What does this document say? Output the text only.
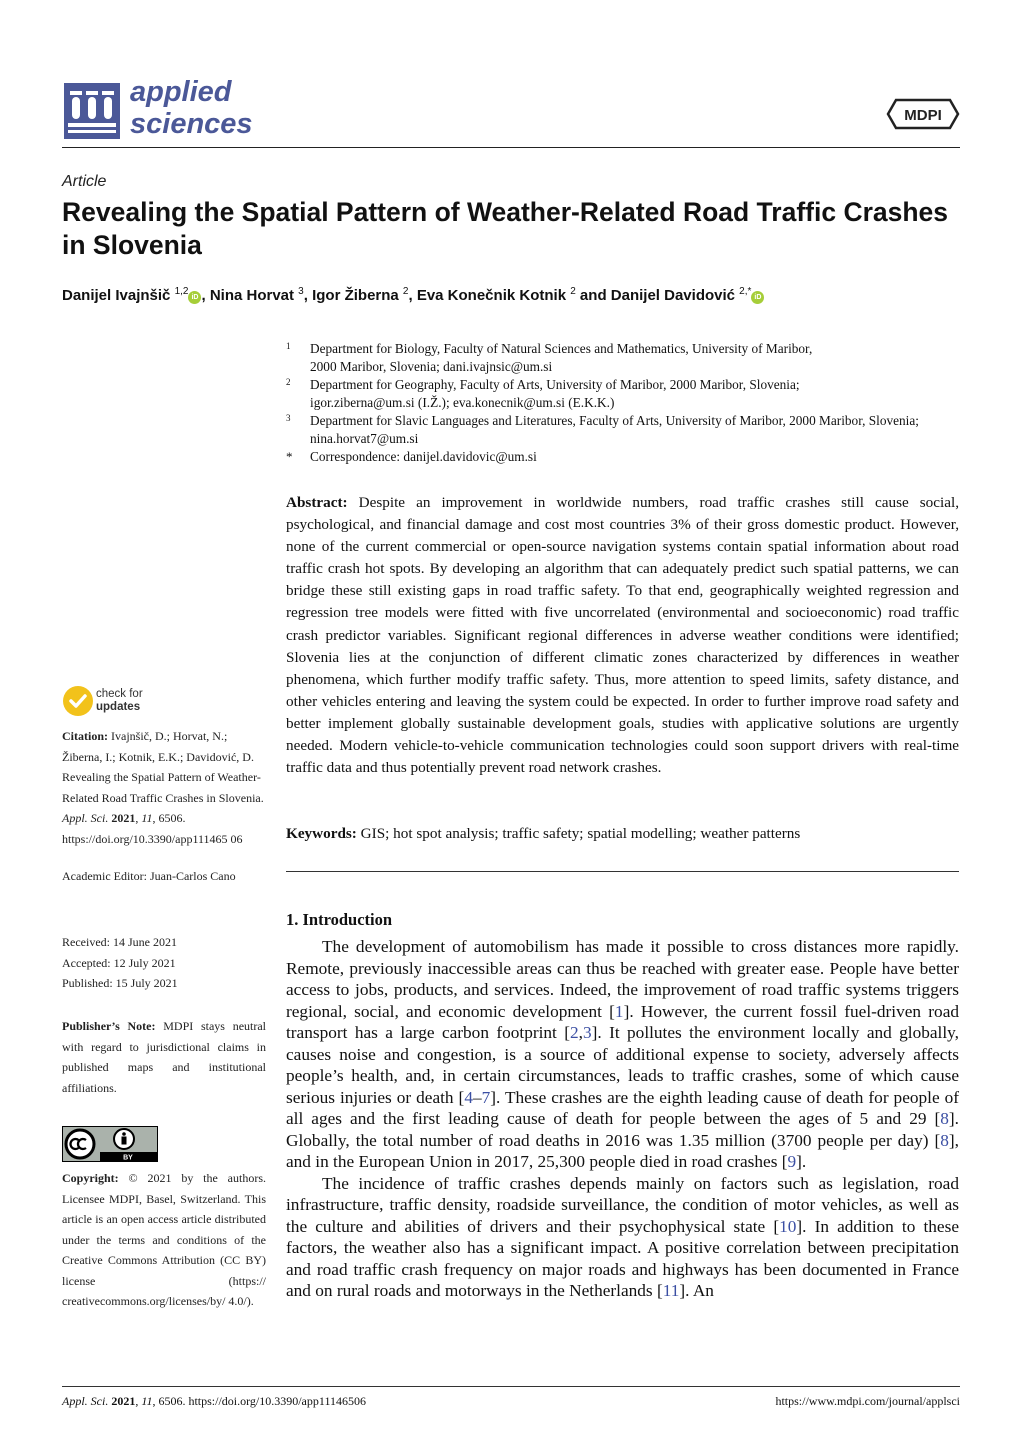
applied
sciences	MDPI
Article
Revealing the Spatial Pattern of Weather-Related Road Traffic Crashes in Slovenia
Danijel Ivajnšič $^{1,2}$iD , Nina Horvat $^3$, Igor Žiberna $^2$, Eva Konečnik Kotnik $^2$ and Danijel Davidović $^{2,*}$iD
1	Department for Biology, Faculty of Natural Sciences and Mathematics, University of Maribor,
2000 Maribor, Slovenia; dani.ivajnsic@um.si
2	Department for Geography, Faculty of Arts, University of Maribor, 2000 Maribor, Slovenia;
igor.ziberna@um.si (I.Ž.); eva.konecnik@um.si (E.K.K.)
3	Department for Slavic Languages and Literatures, Faculty of Arts, University of Maribor, 2000 Maribor, Slovenia;
nina.horvat7@um.si
*	Correspondence: danijel.davidovic@um.si
Abstract: Despite an improvement in worldwide numbers, road traffic crashes still cause social, psychological, and financial damage and cost most countries 3% of their gross domestic product. However, none of the current commercial or open-source navigation systems contain spatial information about road traffic crash hot spots. By developing an algorithm that can adequately predict such spatial patterns, we can bridge these still existing gaps in road traffic safety. To that end, geographically weighted regression and regression tree models were fitted with five uncorrelated (environmental and socioeconomic) road traffic crash predictor variables. Significant regional differences in adverse weather conditions were identified; Slovenia lies at the conjunction of different climatic zones characterized by differences in weather phenomena, which further modify traffic safety. Thus, more attention to speed limits, safety distance, and other vehicles entering and leaving the system could be expected. In order to further improve road safety and better implement globally sustainable development goals, studies with applicative solutions are urgently needed. Modern vehicle-to-vehicle communication technologies could soon support drivers with real-time traffic data and thus potentially prevent road network crashes.
Keywords: GIS; hot spot analysis; traffic safety; spatial modelling; weather patterns
1. Introduction

The development of automobilism has made it possible to cross distances more rapidly. Remote, previously inaccessible areas can thus be reached with greater ease. People have better access to jobs, products, and services. Indeed, the improvement of road traffic systems triggers regional, social, and economic development [1]. However, the current fossil fuel-driven road transport has a large carbon footprint [2,3]. It pollutes the environment locally and globally, causes noise and congestion, is a source of additional expense to society, adversely affects people’s health, and, in certain circumstances, leads to traffic crashes, some of which cause serious injuries or death [4–7]. These crashes are the eighth leading cause of death for people of all ages and the first leading cause of death for people between the ages of 5 and 29 [8]. Globally, the total number of road deaths in 2016 was 1.35 million (3700 people per day) [8], and in the European Union in 2017, 25,300 people died in road crashes [9].

The incidence of traffic crashes depends mainly on factors such as legislation, road infrastructure, traffic density, roadside surveillance, the condition of motor vehicles, as well as the culture and abilities of drivers and their psychophysical state [10]. In addition to these factors, the weather also has a significant impact. A positive correlation between precipitation and road traffic crash frequency on major roads and highways has been documented in France and on rural roads and motorways in the Netherlands [11]. An

check for
updates
Citation: Ivajnšič, D.; Horvat, N.; Žiberna, I.; Kotnik, E.K.; Davidović, D. Revealing the Spatial Pattern of Weather-Related Road Traffic Crashes in Slovenia. Appl. Sci. 2021, 11, 6506. https://doi.org/10.3390/app111465 06
Academic Editor: Juan-Carlos Cano
Received: 14 June 2021
Accepted: 12 July 2021
Published: 15 July 2021
Publisher’s Note: MDPI stays neutral with regard to jurisdictional claims in published maps and institutional affiliations.
BY
Copyright: © 2021 by the authors. Licensee MDPI, Basel, Switzerland. This article is an open access article distributed under the terms and conditions of the Creative Commons Attribution (CC BY) license (https:// creativecommons.org/licenses/by/ 4.0/).
Appl. Sci. 2021, 11, 6506. https://doi.org/10.3390/app11146506	https://www.mdpi.com/journal/applsci
